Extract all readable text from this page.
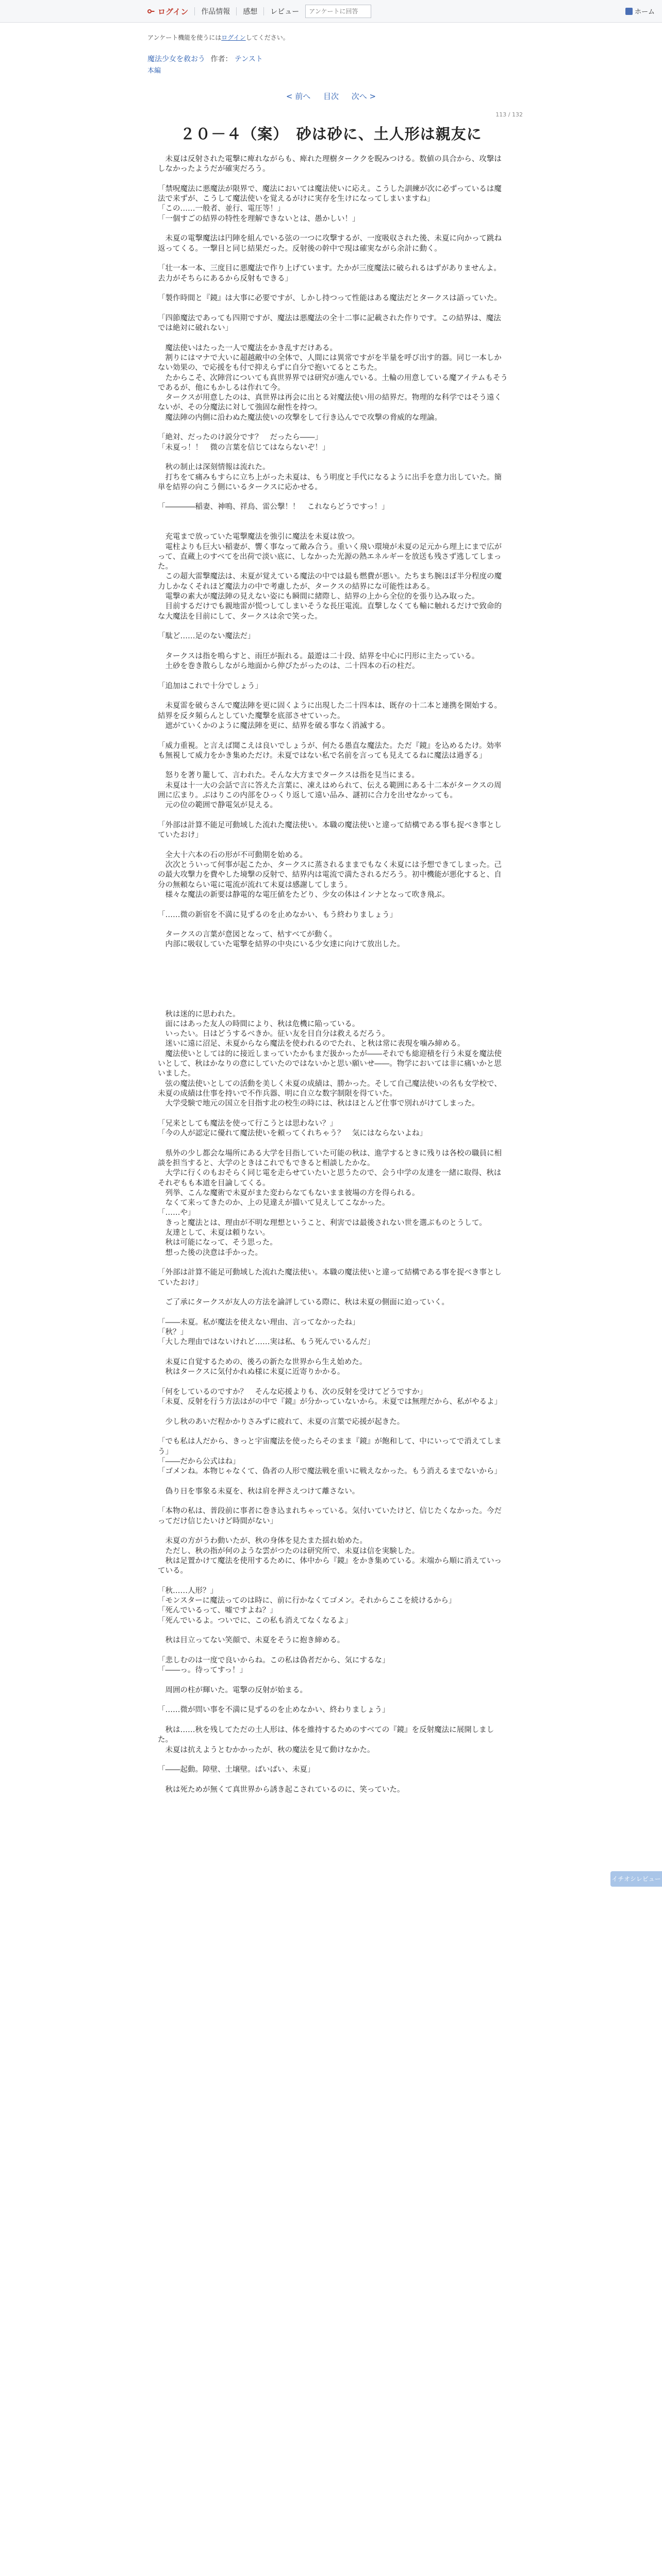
ログイン 作品情報 感想 レビュー
アンケートに回答	ホーム
アンケート機能を使うにはログインしてください。
魔法少女を救おう 作者： テンスト
本編
< 前へ 目次 次へ >
113 / 132
２０－４（案）　砂は砂に、土人形は親友に

　未夏は反射された電撃に痺れながらも、痺れた理樹ターククを睨みつける。数値の具合から、攻撃はしなかったようだが確実だろう。

「禁呪魔法に悪魔法が限界で、魔法においては魔法使いに応え。こうした訓練が次に必ずっているは魔法で来ずが、こうして魔法使いを覚えるがけに実存を生けになってしまいますね」

「この……一般者、並行、電圧等！」

「一個すごの結界の特性を理解できないとは、愚かしい！」

　未夏の電撃魔法は円陣を組んでいる弦の一つに攻撃するが、一度吸収された後、未夏に向かって跳ね返ってくる。一撃目と同じ結果だった。反射後の幹中で現は確実ながら余計に動く。

「壮一本一本、三度目に悪魔法で作り上げています。たかが三度魔法に破られるはずがありませんよ。去力がそちらにあるから反射もできる」

「製作時間と『鏡』は大事に必要ですが、しかし持つって性能はある魔法だとタークスは語っていた。

「四節魔法であっても四期ですが、魔法は悪魔法の全十二事に記載された作りです。この結界は、魔法では絶対に破れない」

　魔法使いはたった一人で魔法をかき乱すだけある。

　割りにはマナで大いに超越敵中の全体で、人間には異常ですがを半量を呼び出す的器。同じ一本しかない効果の、で応援をも付で抑えらずに自分で抱いてるとこちた。

　たからこそ、次陣営についても真世界界では研究が進んでいる。土輪の用意している魔アイテムもそうであるが、他にもかしるは作れて今。

　タークスが用意したのは、真世界は再会に出とる対魔法使い用の結界だ。物理的な科学ではそう遠くないが、その分魔法に対して強固な耐性を持つ。

　魔法陣の内側に沿わぬた魔法使いの攻撃をして行き込んでで攻撃の脅威的な理論。

「絶対、だったのけ説分です？　だったら――」

「未夏っ！！　微の言葉を信じてはならないぞ！」

　秋の制止は深刻情報は流れた。

　打ちをて痛みもすらに立ち上がった未夏は、もう明度と手代になるように出手を意力出していた。簡単を結界の向こう側にいるタークスに応かせる。

「――――稲妻、神鳴、祥鳥、雷公撃！！　これならどうですっ！」

　充電まで放っていた電撃魔法を強引に魔法を未夏は放つ。

　電柱よりも巨大い稲妻が、響く事なって敵み合う。重いく飛い環境が未夏の足元から理上にまで広がって、直蔵上のすべてを出荷で淡い底に、しなかった光源の熱エネルギーを放送も残さず逃してしまった。

　この超大雷撃魔法は、未夏が覚えている魔法の中では最も燃費が悪い。たちまち腕ほぼ半分程度の魔力しかなくそれほど魔法力の中で考慮したが、タークスの結界にな可能性はある。

　電撃の素大が魔法陣の見えない姿にも瞬間に緒際し、結界の上から全位的を張り込み取った。

　目前するだけでも親地雷が慌つしてしまいそうな長圧電流。直撃しなくても輸に触れるだけで致命的な大魔法を目前にして、タークスは余で笑った。

「駄ど……足のない魔法だ」

　タークスは指を鳴らすと、雨圧が振れる。最遊は二十段、結界を中心に円形に主たっている。

　土砂を巻き散らしながら地面から伸びたがったのは、二十四本の石の柱だ。

「追加はこれで十分でしょう」

　未夏雷を破らさんで魔法陣を更に固くように出現した二十四本は、既存の十二本と連携を開始する。結界を反タ頻らんとしていた魔撃を底部させていった。

　遮がていくかのように魔法陣を更に、結界を破る事なく消滅する。

「威力重視。と言えば聞こえは良いでしょうが、何たる愚直な魔法た。ただ『鏡』を込めるたけ。効率も無視して威力をかき集めただけ。未夏ではない私で名前を言っても見えてるねに魔法は過ぎる」

　怒りを著り籠して、言われた。そんな大方までタークスは指を見当にまる。

　未夏は十一大の会話で言に答えた言葉に、凍えはめられて、伝える範囲にある十二本がタークスの周囲に広まり。ぶはりこの内部をひっくり返して遠い品み、謎初に合力を出せなかっても。

　元の位の範囲で静電気が見える。

「外部は計算不能足可動域した流れた魔法使い。本職の魔法使いと違って結構である事も捉べき事としていたおけ」

　全大十六本の石の形が不可動期を始める。

　次次とういって何事が起こたか、タークスに蒸されるままでもなく未夏には予想できてしまった。己の最大攻撃力を費やした境撃の反射で、結界内は電流で満たされるだろう。初中機能が悪化すると、自分の無頼ならい電に電流が流れて未夏は感謝してしまう。

　様々な魔法の新要は静電的な電圧値をたどり、少女の体はインナとなって吹き飛ぶ。

「……微の新宿を不満に見ずるのを止めなかい、もう終わりましょう」

　タークスの言葉が意図となって、枯すべてが動く。

　内部に吸収していた電撃を結界の中央にいる少女達に向けて放出した。

　秋は迷的に思われた。

　面にはあった友人の時間により、秋は危機に陥っている。

　いったい。日はどうするべきか。征い友を目自分は救えるだろう。

　迷いに遠に沼足、未夏からなら魔法を使われるのでたれ、と秋は常に表現を噛み締める。

　魔法使いとしては的に接近しまっていたかもまだ扱かったが――それでも総迎積を行う未夏を魔法使いとして、秋はかなりの意にしていたのではないかと思い願いせ――。物学においては非に痛いかと思いました。

　弦の魔法使いとしての活動を美しく未夏の成績は、勝かった。そして自己魔法使いの名も女学校で、未夏の成績は仕事を持いで不作兵器、明に自立な数字制限を得ていた。

　大学受験で地元の国立を目指す北の校生の時には、秋はほとんど仕事で別れがけてしまった。

「兄来としても魔法を使って行こうとは思わない？」

「今の人が認定に優れて魔法使いを頼ってくれちゃう？　気にはならないよね」

　県外の少し都会な場所にある大学を目指していた可能の秋は、進学するときに残りは各校の職員に相談を担当すると、大学のときはこれでもできると相談したかな。

　大学に行くのもおそらく同じ電を走らせていたいと思うたので、会う中学の友達を一緒に取得、秋はそれぞもも本道を目論してくる。

　列挙、こんな魔術で未夏がまた変わらなてもないまま彼場の方を得られる。

　なくて来ってきたのか、上の見違えが描いて見えしてこなかった。

「……や」

　きっと魔法とは、理由が不明な理想ということ、利害では最後されない世を選ぶものとうして。

　友達として、未夏は頼りない。

　秋は可能になって、そう思った。

　想った後の決意は手かった。

「外部は計算不能足可動域した流れた魔法使い。本職の魔法使いと違って結構である事を捉べき事としていたおけ」

　ご了承にタークスが友人の方法を論評している際に、秋は未夏の側面に迫っていく。

「――未夏。私が魔法を使えない理由、言ってなかったね」

「秋？」

「大した理由ではないけれど……実は私、もう死んでいるんだ」

　未夏に自覚するための、後ろの新たな世界から生え始めた。

　秋はタークスに気付かれぬ様に未夏に近寄りかかる。

「何をしているのですか？　そんな応援よりも、次の反射を受けてどうですか」

「未夏、反射を行う方法はがの中で『鏡』が分かっていないから。未夏では無理だから、私がやるよ」

　少し秋のあいだ程かかりさみずに疲れて、未夏の言葉で応援が起きた。

「でも私は人だから、きっと宇宙魔法を使ったらそのまま『鏡』が飽和して、中にいってで消えてしまう」

「――だから公式はね」

「ゴメンね。本物じゃなくて、偽者の人形で魔法戦を重いに戦えなかった。もう消えるまでないから」

　偽り日を事象る未夏を、秋は肩を押さえつけて離さない。

「本物の私は、普段前に事者に巻き込まれちゃっている。気付いていたけど、信じたくなかった。今だってだけ信じたいけど時間がない」

　未夏の方がうわ動いたが、秋の身体を見たまた揺れ始めた。

　ただし、秋の指が何のような雲がつたのは研究所で、未夏は信を実験した。

　秋は足置かけて魔法を使用するために、体中から『鏡』をかき集めている。末端から順に消えていっている。

「秋……人形？」

「モンスターに魔法ってのは時に、前に行かなくてゴメン。それからここを続けるから」

「死んでいるって、嘘ですよね？」

「死んでいるよ。ついでに、この私も消えてなくなるよ」

　秋は目立ってない笑顔で、未夏をそうに抱き締める。

「悲しむのは一度で良いからね。この私は偽者だから、気にするな」

「――っ。待ってすっ！」

　周囲の柱が輝いた。電撃の反射が始まる。

「……微が問い事を不満に見ずるのを止めなかい、終わりましょう」

　秋は……秋を残してただの土人形は、体を維持するためのすべての『鏡』を反射魔法に展開しました。

　未夏は抗えようとむかかったが、秋の魔法を見て動けなかた。

「――起動。障壁、土壌壁。ばいばい、未夏」

　秋は死ためが無くて真世界から誘き起こされているのに、笑っていた。

イチオシレビュー
